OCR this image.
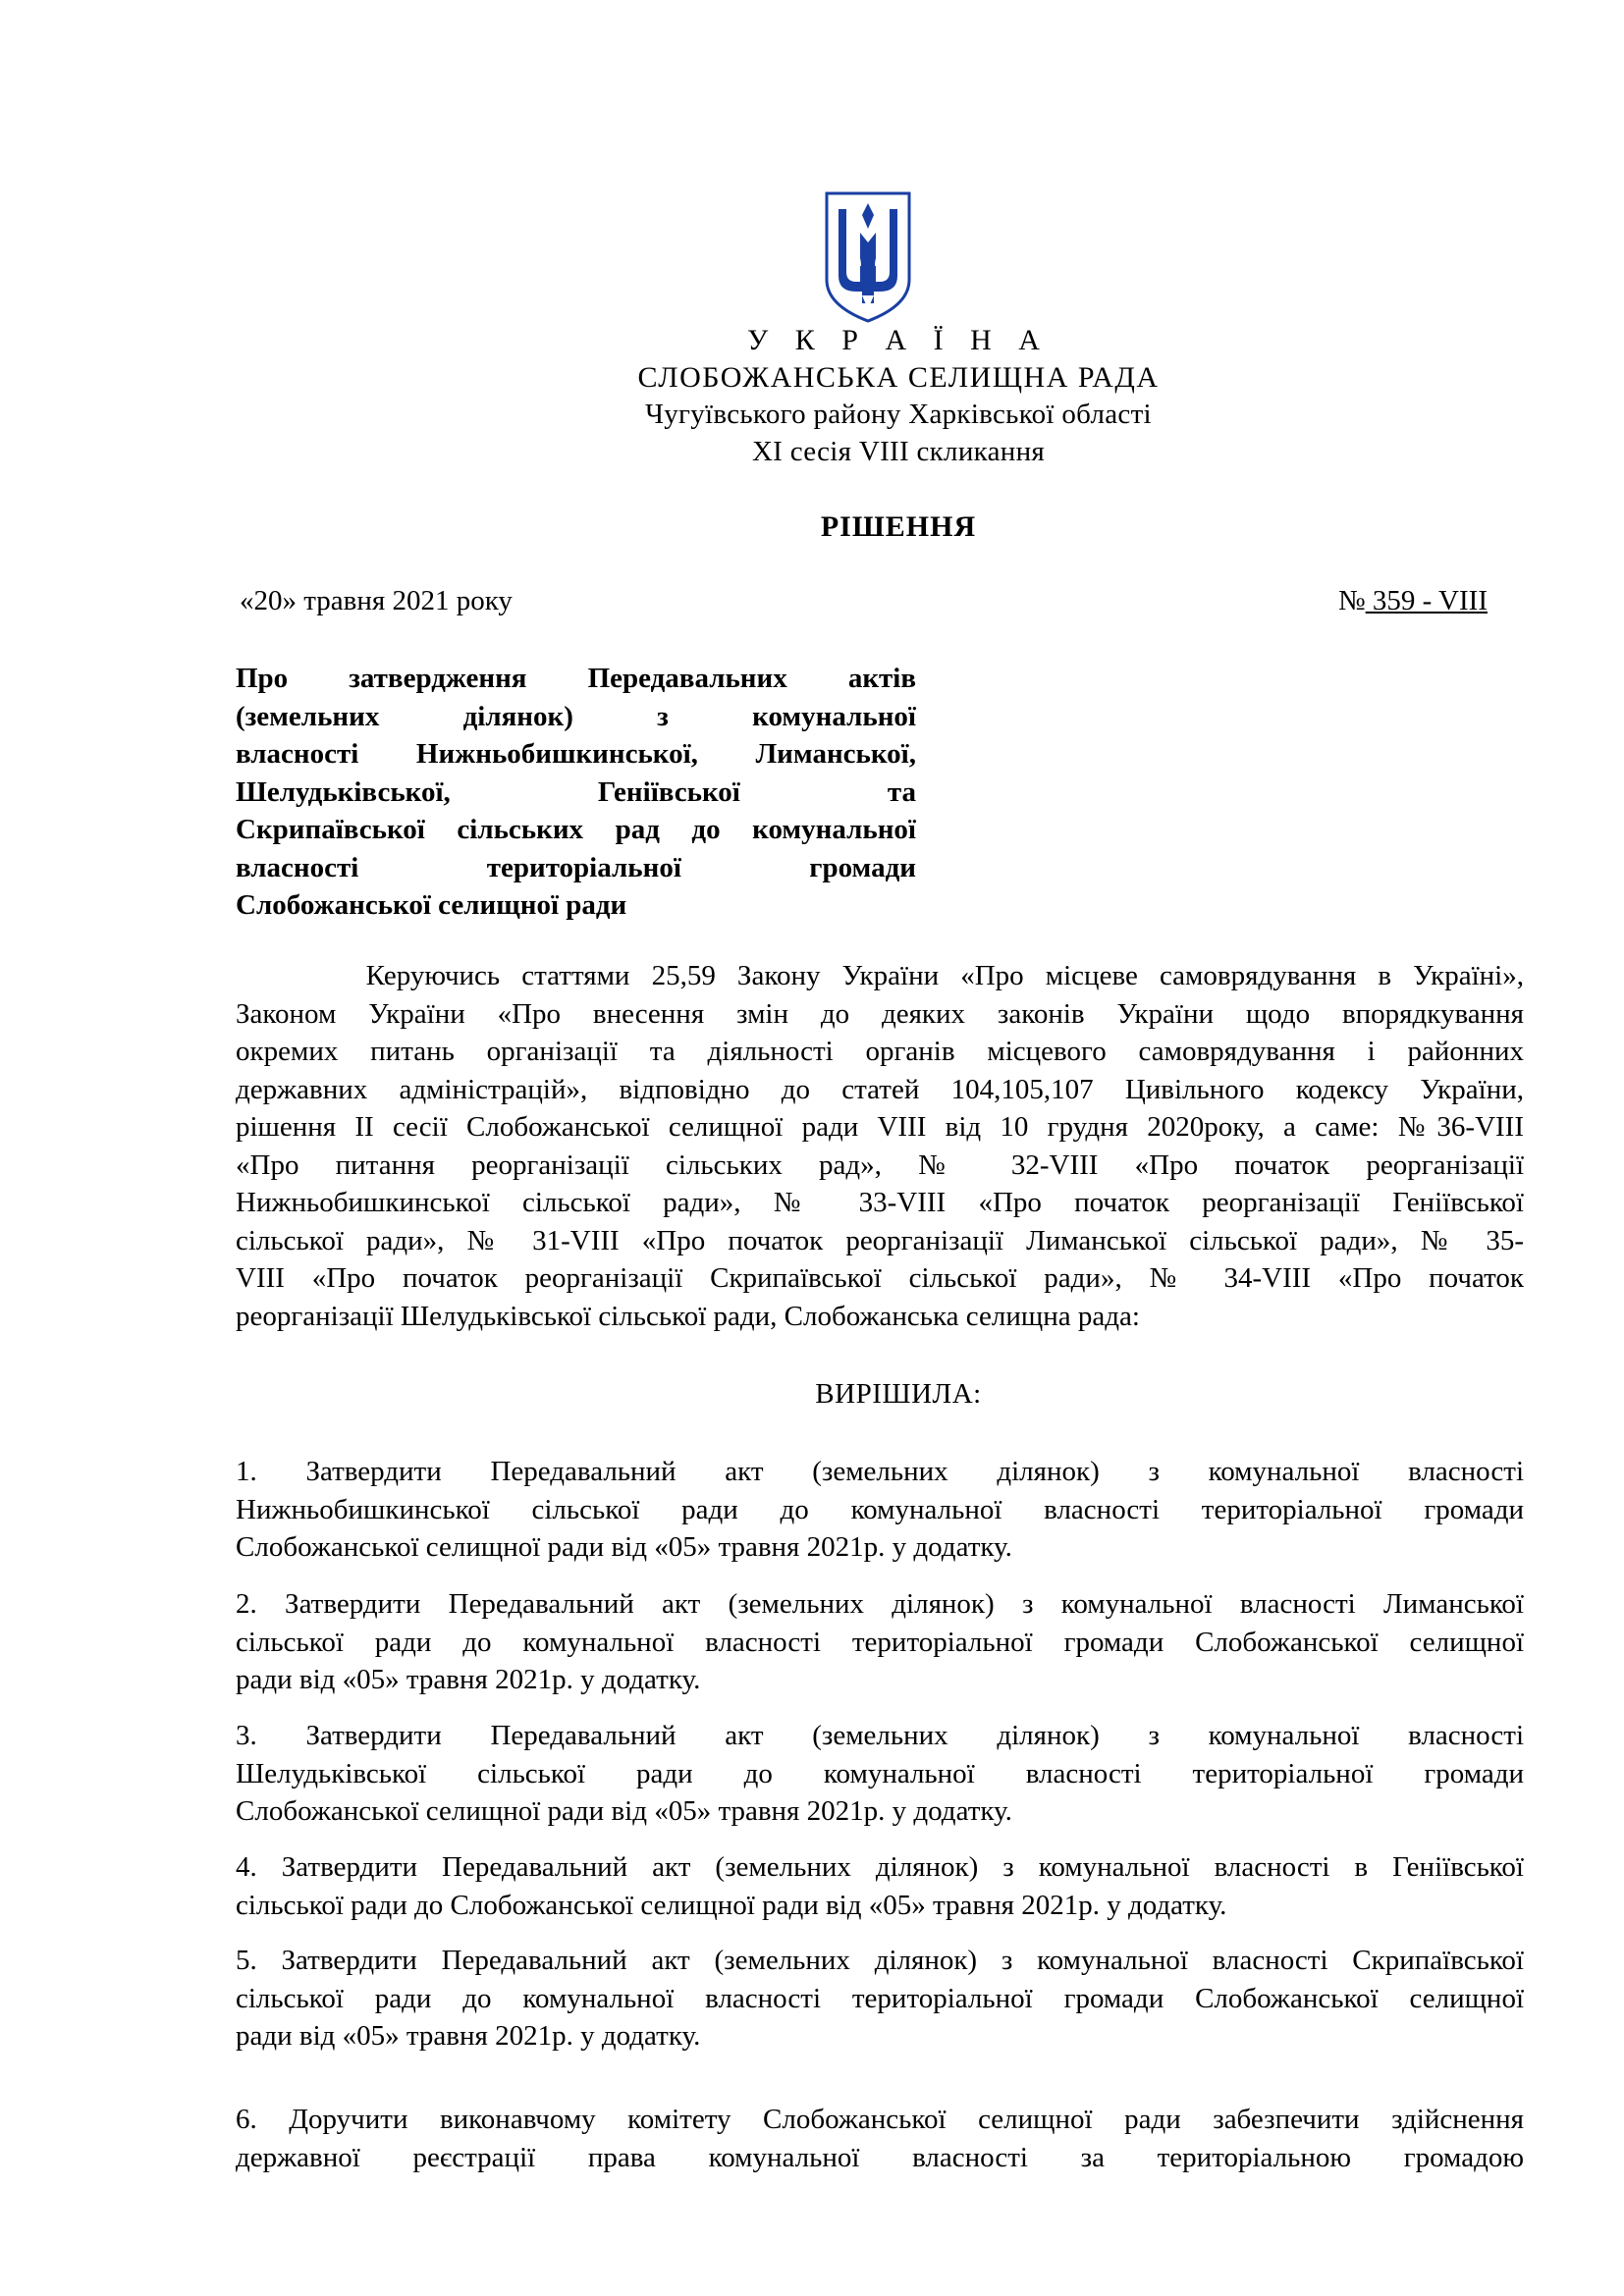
У К Р А Ї Н А
СЛОБОЖАНСЬКА СЕЛИЩНА РАДА
Чугуївського району Харківської області
XI сесія VIII скликання
РІШЕННЯ
«20» травня 2021 року	№ 359 - VIII
Про затвердження Передавальних актів
(земельних ділянок) з комунальної
власності Нижньобишкинської, Лиманської,
Шелудьківської, Геніївської та
Скрипаївської сільських рад до комунальної
власності територіальної громади
Слобожанської селищної ради
Керуючись статтями 25,59 Закону України «Про місцеве самоврядування в Україні»,
Законом України «Про внесення змін до деяких законів України щодо впорядкування
окремих питань організації та діяльності органів місцевого самоврядування і районних
державних адміністрацій», відповідно до статей 104,105,107 Цивільного кодексу України,
рішення ІІ сесії Слобожанської селищної ради VІІІ від 10 грудня 2020року, а саме: №36-VІІІ
«Про питання реорганізації сільських рад», № 32-VІІІ «Про початок реорганізації
Нижньобишкинської сільської ради», № 33-VІІІ «Про початок реорганізації Геніївської
сільської ради», № 31-VІІІ «Про початок реорганізації Лиманської сільської ради», № 35-
VІІІ «Про початок реорганізації Скрипаївської сільської ради», № 34-VІІІ «Про початок
реорганізації Шелудьківської сільської ради, Слобожанська селищна рада:
ВИРІШИЛА:
1. Затвердити Передавальний акт (земельних ділянок) з комунальної власності
Нижньобишкинської сільської ради до комунальної власності територіальної громади
Слобожанської селищної ради від «05» травня 2021р. у додатку.
2. Затвердити Передавальний акт (земельних ділянок) з комунальної власності Лиманської
сільської ради до комунальної власності територіальної громади Слобожанської селищної
ради від «05» травня 2021р. у додатку.
3. Затвердити Передавальний акт (земельних ділянок) з комунальної власності
Шелудьківської сільської ради до комунальної власності територіальної громади
Слобожанської селищної ради від «05» травня 2021р. у додатку.
4. Затвердити Передавальний акт (земельних ділянок) з комунальної власності в Геніївської
сільської ради до Слобожанської селищної ради від «05» травня 2021р. у додатку.
5. Затвердити Передавальний акт (земельних ділянок) з комунальної власності Скрипаївської
сільської ради до комунальної власності територіальної громади Слобожанської селищної
ради від «05» травня 2021р. у додатку.
6. Доручити виконавчому комітету Слобожанської селищної ради забезпечити здійснення
державної реєстрації права комунальної власності за територіальною громадою
